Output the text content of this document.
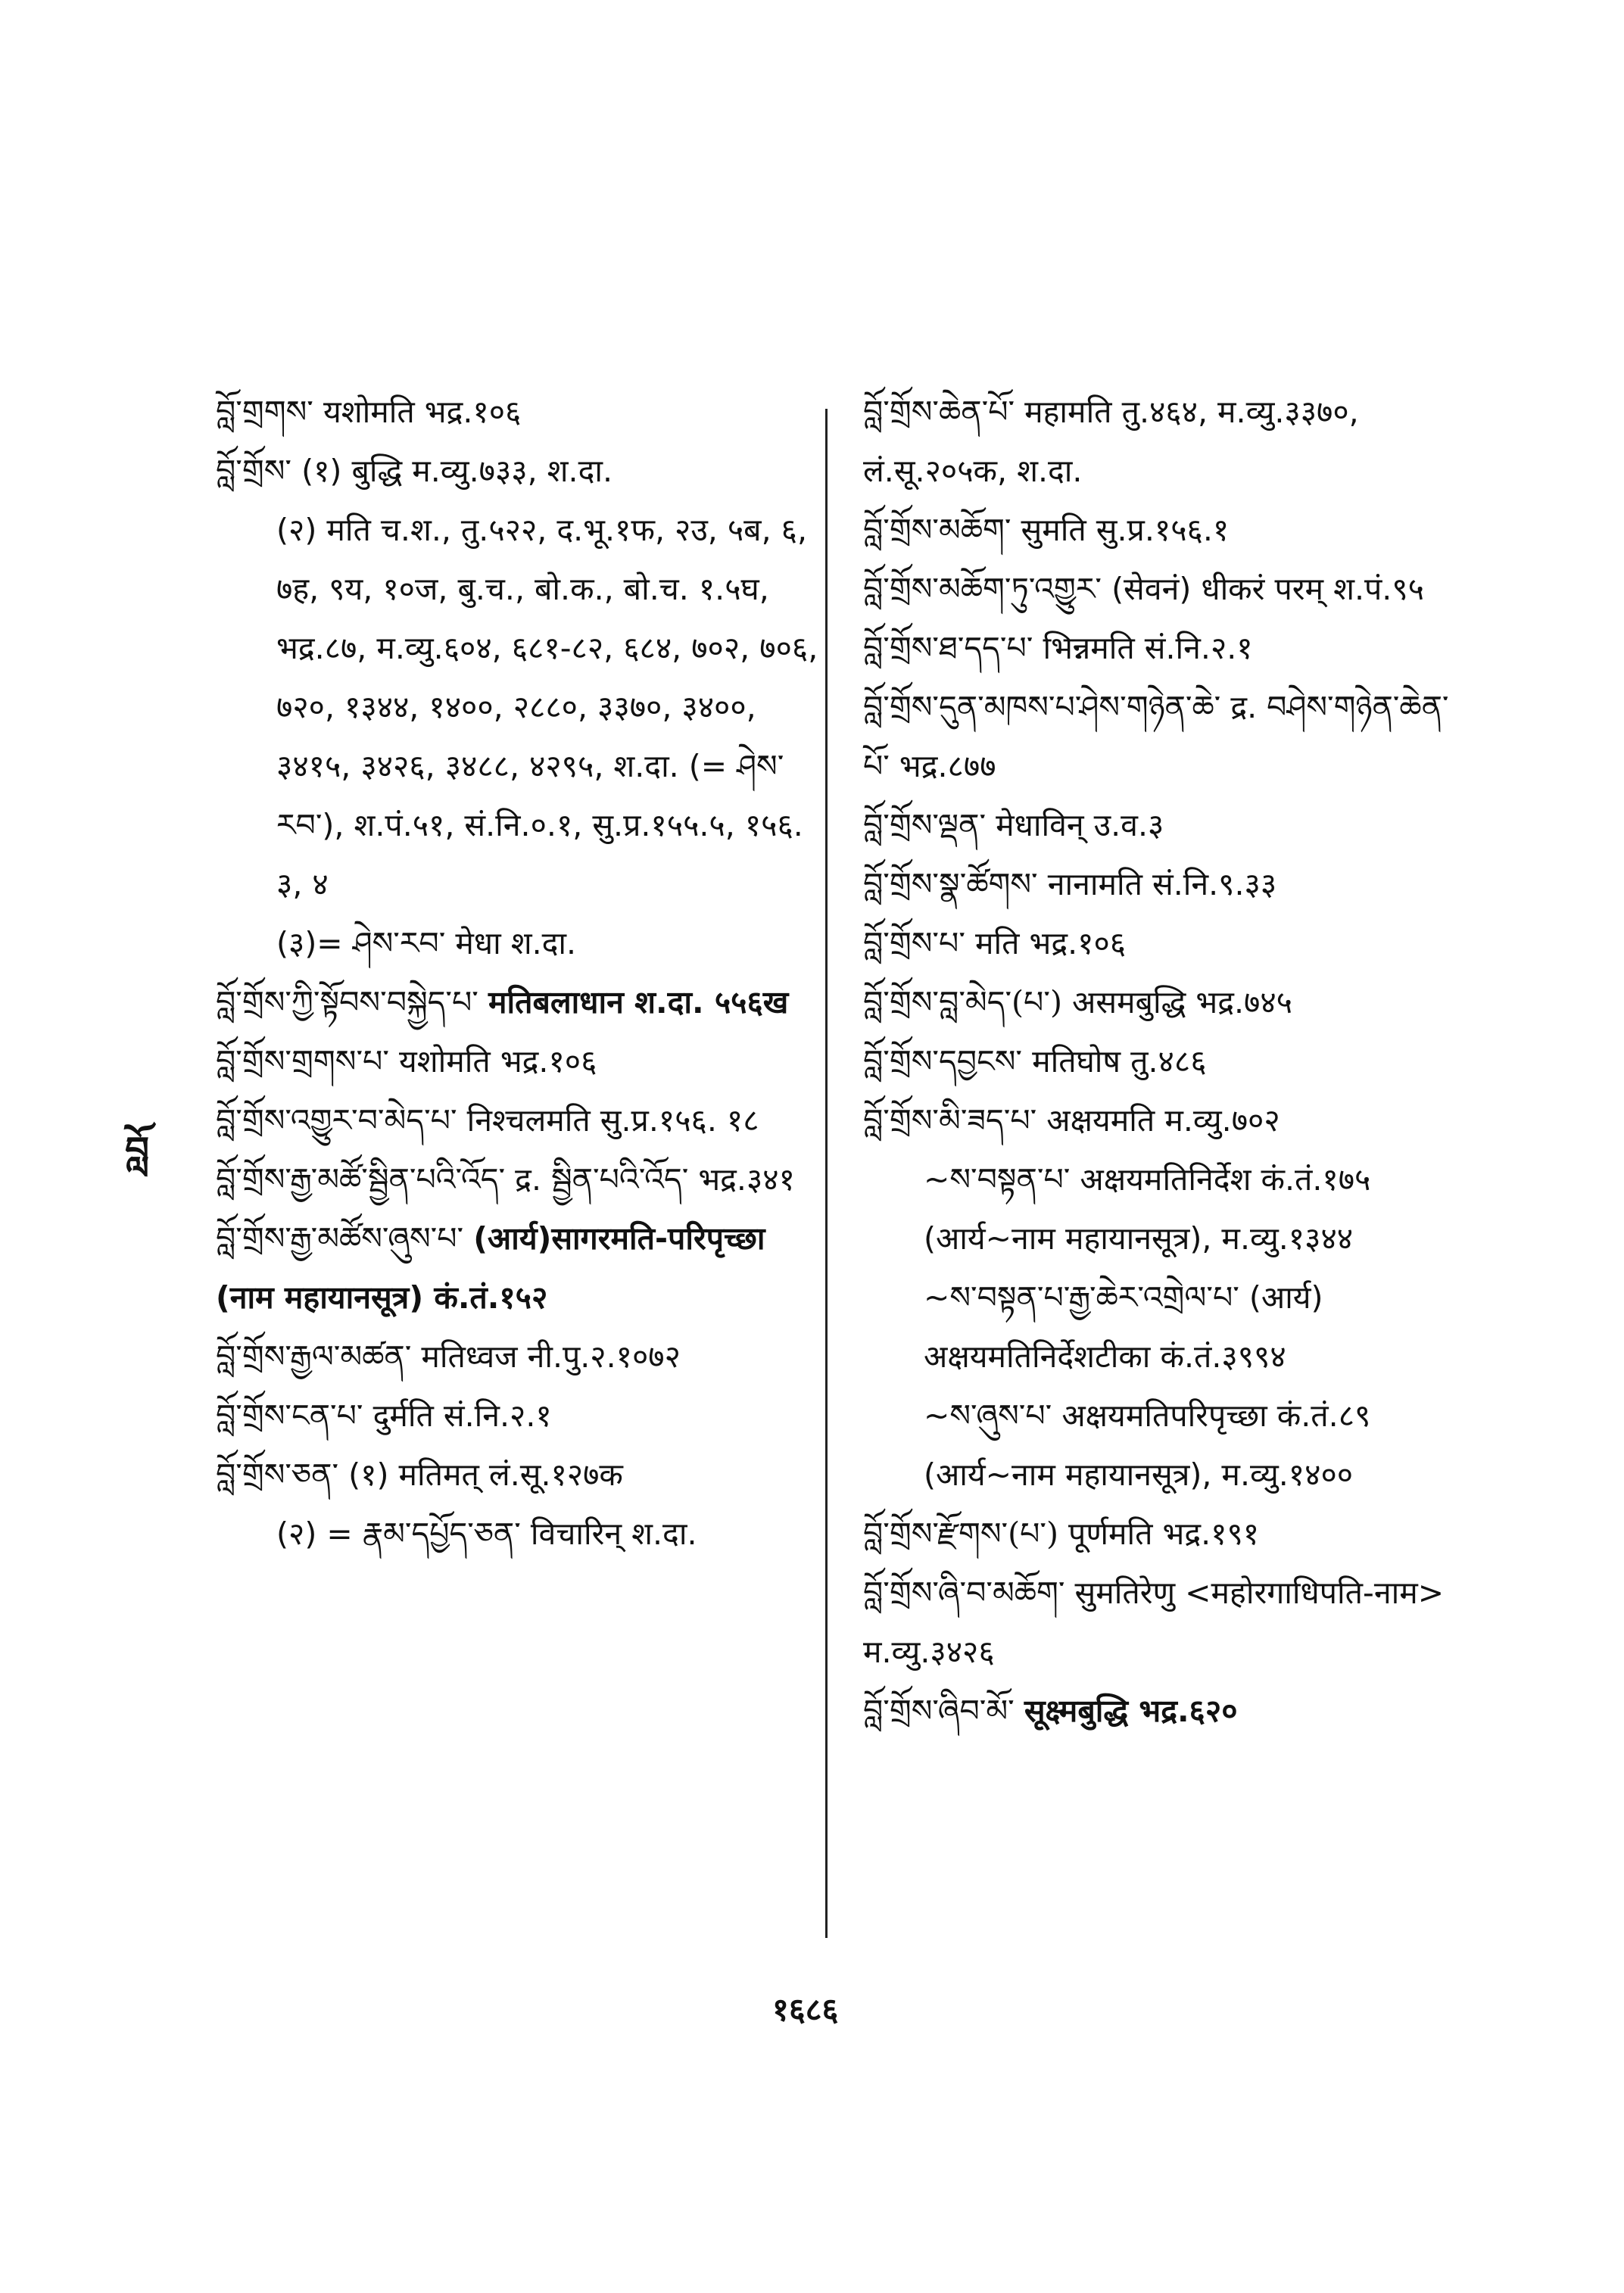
བློ་གྲགས་ यशोमति भद्र.१०६
བློ་གྲོས་ (१) बुद्धि म.व्यु.७३३, श.दा.
(२) मति च.श., तु.५२२, द.भू.१फ, २उ, ५ब, ६, ७ह, ९य, १०ज, बु.च., बो.क., बो.च. १.५घ, भद्र.८७, म.व्यु.६०४, ६८१-८२, ६८४, ७०२, ७०६, ७२०, १३४४, १४००, २८८०, ३३७०, ३४००, ३४१५, ३४२६, ३४८८, ४२९५, श.दा. (= ཤེས་རབ་), श.पं.५१, सं.नि.०.१, सु.प्र.१५५.५, १५६. ३, ४
(३)= ཤེས་རབ་ मेधा श.दा.
བློ་གྲོས་ཀྱི་སྟོབས་བསྐྱེད་པ་ मतिबलाधान श.दा. ५५६ख
བློ་གྲོས་གྲགས་པ་ यशोमति भद्र.१०६
བློ་གྲོས་འགྱུར་བ་མེད་པ་ निश्चलमति सु.प्र.१५६. १८
བློ་གྲོས་རྒྱ་མཚོ་སྦྱིན་པའི་འོད་ द्र. སྦྱིན་པའི་འོད་ भद्र.३४१
བློ་གྲོས་རྒྱ་མཚོས་ཞུས་པ་ (आर्य)सागरमति-परिपृच्छा (नाम महायानसूत्र) कं.तं.१५२
བློ་གྲོས་རྒྱལ་མཚན་ मतिध्वज नी.पु.२.१०७२
བློ་གྲོས་ངན་པ་ दुर्मति सं.नि.२.१
བློ་གྲོས་ཅན་ (१) मतिमत् लं.सू.१२७क
(२) = རྣམ་དཔྱོད་ཅན་ विचारिन् श.दा.
བློ་གྲོས་ཆེན་པོ་ महामति तु.४६४, म.व्यु.३३७०, लं.सू.२०५क, श.दा.
བློ་གྲོས་མཆོག་ सुमति सु.प्र.१५६.१
བློ་གྲོས་མཆོག་ཏུ་འགྱུར་ (सेवनं) धीकरं परम् श.पं.९५
བློ་གྲོས་ཐ་དད་པ་ भिन्नमति सं.नि.२.१
བློ་གྲོས་དུན་མཁས་པ་ཤེས་གཉེན་ཆེ་ द्र. བཤེས་གཉེན་ཆེན་པོ་ भद्र.८७७
བློ་གྲོས་ལྡན་ मेधाविन् उ.व.३
བློ་གྲོས་སྣ་ཚོགས་ नानामति सं.नि.९.३३
བློ་གྲོས་པ་ मति भद्र.१०६
བློ་གྲོས་བླ་མེད་(པ་) असमबुद्धि भद्र.७४५
བློ་གྲོས་དབྱངས་ मतिघोष तु.४८६
བློ་གྲོས་མི་ཟད་པ་ अक्षयमति म.व्यु.७०२
~ས་བསྟན་པ་ अक्षयमतिनिर्देश कं.तं.१७५ (आर्य~नाम महायानसूत्र), म.व्यु.१३४४
~ས་བསྟན་པ་རྒྱ་ཆེར་འགྲེལ་པ་ (आर्य) अक्षयमतिनिर्देशटीका कं.तं.३९९४
~ས་ཞུས་པ་ अक्षयमतिपरिपृच्छा कं.तं.८९ (आर्य~नाम महायानसूत्र), म.व्यु.१४००
བློ་གྲོས་རྫོགས་(པ་) पूर्णमति भद्र.१९१
བློ་གྲོས་ཞི་བ་མཆོག་ सुमतिरेणु <महोरगाधिपति-नाम> म.व्यु.३४२६
བློ་གྲོས་ཞིབ་མོ་ सूक्ष्मबुद्धि भद्र.६२०
བློ
१६८६
